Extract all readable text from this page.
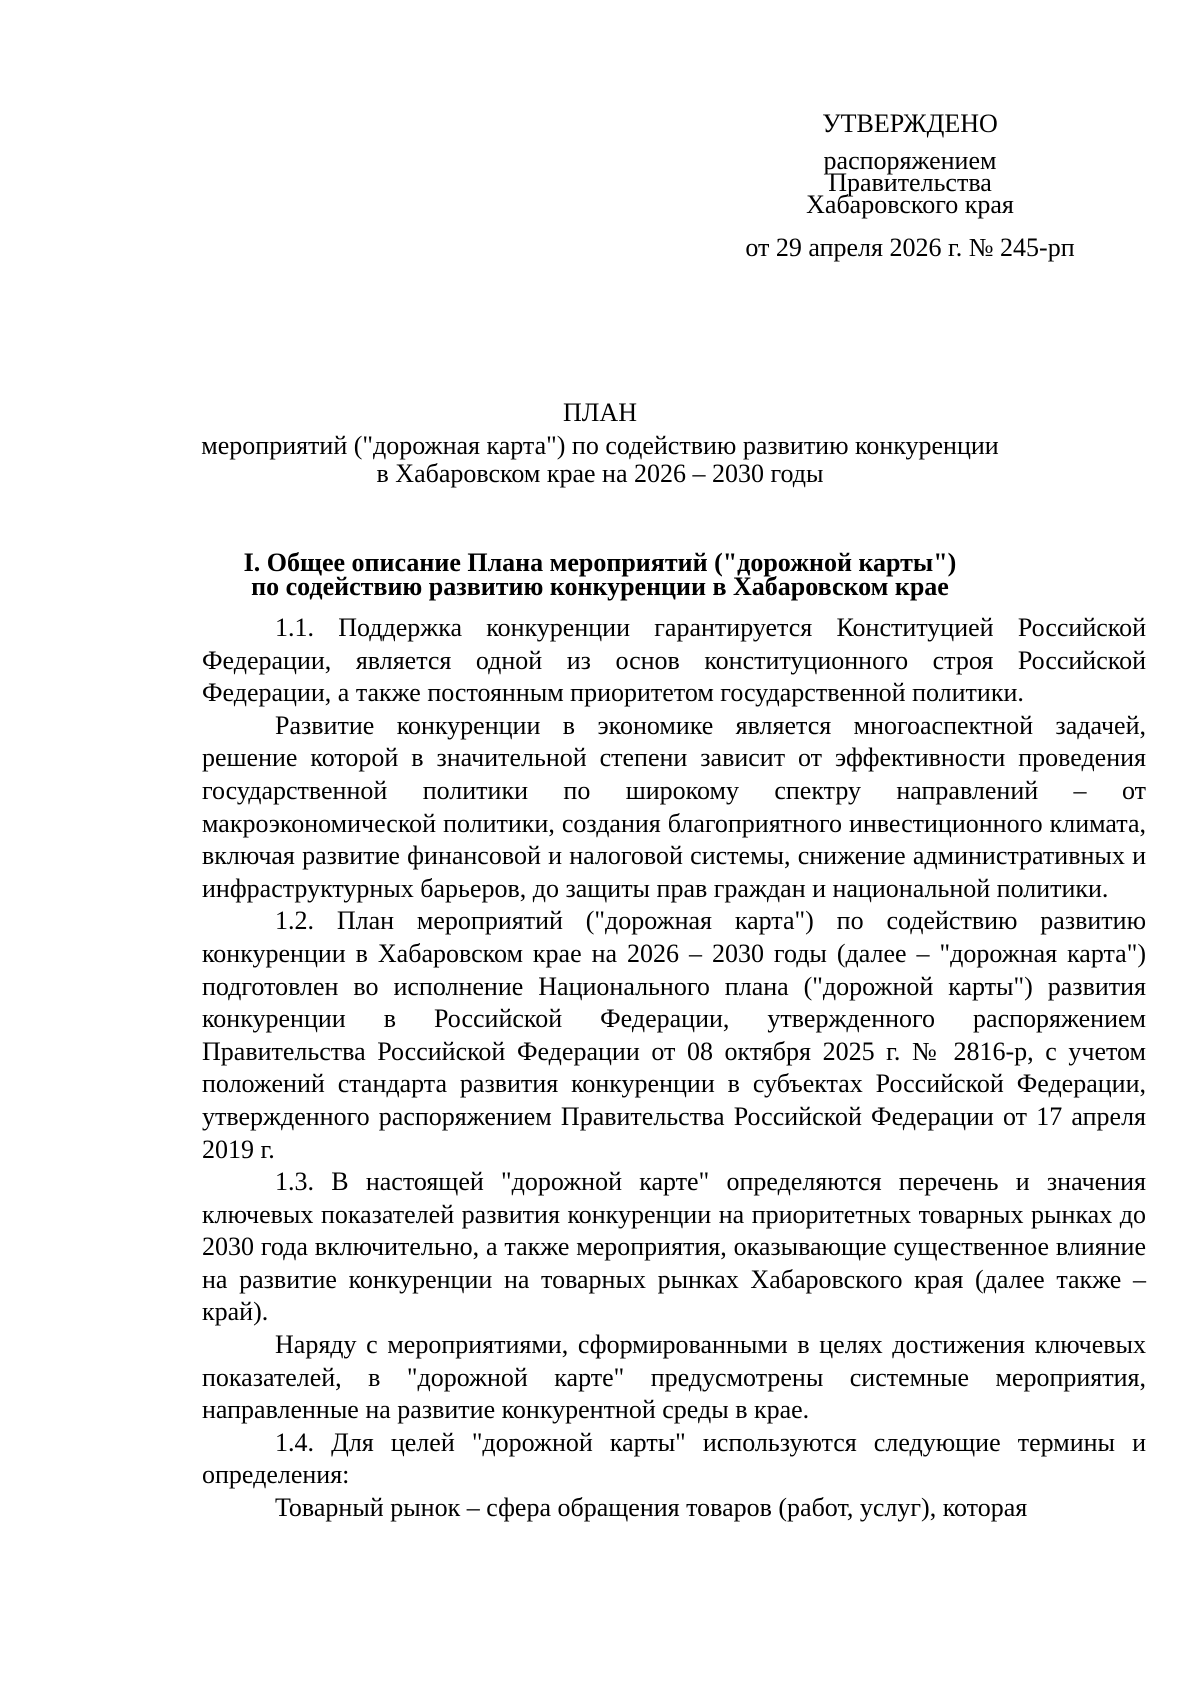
УТВЕРЖДЕНО
распоряжением
Правительства
Хабаровского края
от 29 апреля 2026 г. № 245-рп
ПЛАН
мероприятий ("дорожная карта") по содействию развитию конкуренции
в Хабаровском крае на 2026 – 2030 годы
I. Общее описание Плана мероприятий ("дорожной карты")
по содействию развитию конкуренции в Хабаровском крае

1.1. Поддержка конкуренции гарантируется Конституцией Российской Федерации, является одной из основ конституционного строя Российской Федерации, а также постоянным приоритетом государственной политики.

Развитие конкуренции в экономике является многоаспектной задачей, решение которой в значительной степени зависит от эффективности проведения государственной политики по широкому спектру направлений – от макроэкономической политики, создания благоприятного инвестиционного климата, включая развитие финансовой и налоговой системы, снижение административных и инфраструктурных барьеров, до защиты прав граждан и национальной политики.

1.2. План мероприятий ("дорожная карта") по содействию развитию конкуренции в Хабаровском крае на 2026 – 2030 годы (далее – "дорожная карта") подготовлен во исполнение Национального плана ("дорожной карты") развития конкуренции в Российской Федерации, утвержденного распоряжением Правительства Российской Федерации от 08 октября 2025 г. № 2816-р, с учетом положений стандарта развития конкуренции в субъектах Российской Федерации, утвержденного распоряжением Правительства Российской Федерации от 17 апреля 2019 г.

1.3. В настоящей "дорожной карте" определяются перечень и значения ключевых показателей развития конкуренции на приоритетных товарных рынках до 2030 года включительно, а также мероприятия, оказывающие существенное влияние на развитие конкуренции на товарных рынках Хабаровского края (далее также – край).

Наряду с мероприятиями, сформированными в целях достижения ключевых показателей, в "дорожной карте" предусмотрены системные мероприятия, направленные на развитие конкурентной среды в крае.

1.4. Для целей "дорожной карты" используются следующие термины и определения:

Товарный рынок – сфера обращения товаров (работ, услуг), которая
